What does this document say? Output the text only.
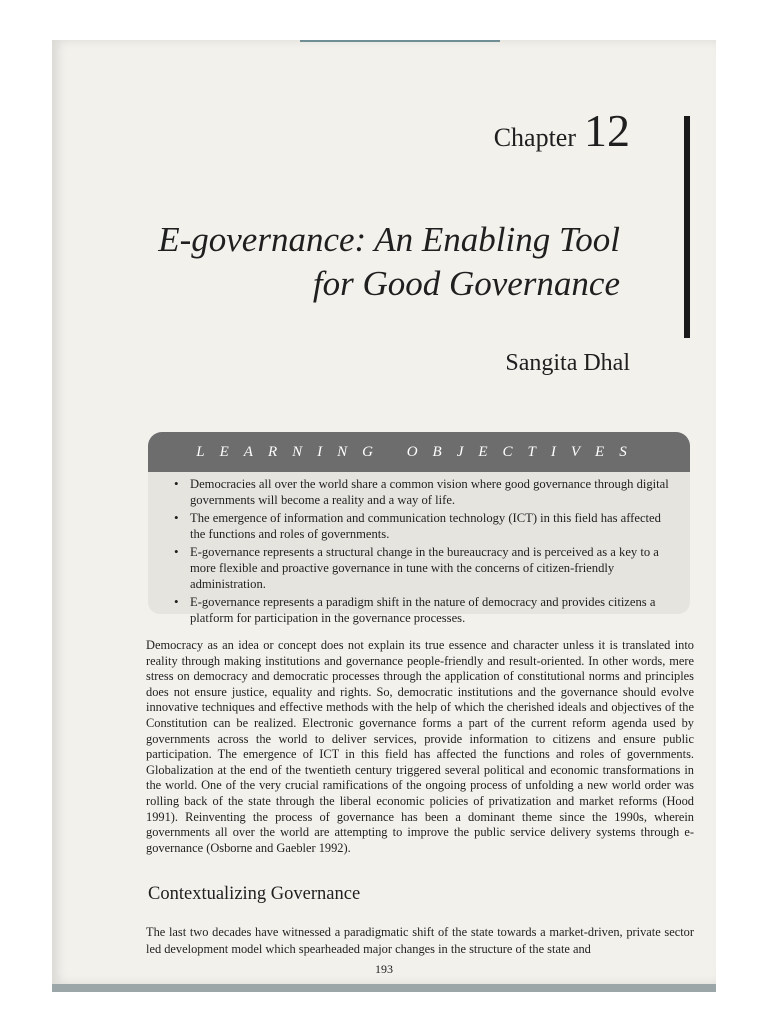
Chapter 12
E-governance: An Enabling Tool
for Good Governance
Sangita Dhal
LEARNING OBJECTIVES
• Democracies all over the world share a common vision where good governance through digital governments will become a reality and a way of life.
• The emergence of information and communication technology (ICT) in this field has affected the functions and roles of governments.
• E-governance represents a structural change in the bureaucracy and is perceived as a key to a more flexible and proactive governance in tune with the concerns of citizen-friendly administration.
• E-governance represents a paradigm shift in the nature of democracy and provides citizens a platform for participation in the governance processes.

Democracy as an idea or concept does not explain its true essence and character unless it is translated into reality through making institutions and governance people-friendly and result-oriented. In other words, mere stress on democracy and democratic processes through the application of constitutional norms and principles does not ensure justice, equality and rights. So, democratic institutions and the governance should evolve innovative techniques and effective methods with the help of which the cherished ideals and objectives of the Constitution can be realized. Electronic governance forms a part of the current reform agenda used by governments across the world to deliver services, provide information to citizens and ensure public participation. The emergence of ICT in this field has affected the functions and roles of governments. Globalization at the end of the twentieth century triggered several political and economic transformations in the world. One of the very crucial ramifications of the ongoing process of unfolding a new world order was rolling back of the state through the liberal economic policies of privatization and market reforms (Hood 1991). Reinventing the process of governance has been a dominant theme since the 1990s, wherein governments all over the world are attempting to improve the public service delivery systems through e-governance (Osborne and Gaebler 1992).

Contextualizing Governance

The last two decades have witnessed a paradigmatic shift of the state towards a market-driven, private sector led development model which spearheaded major changes in the structure of the state and

193
